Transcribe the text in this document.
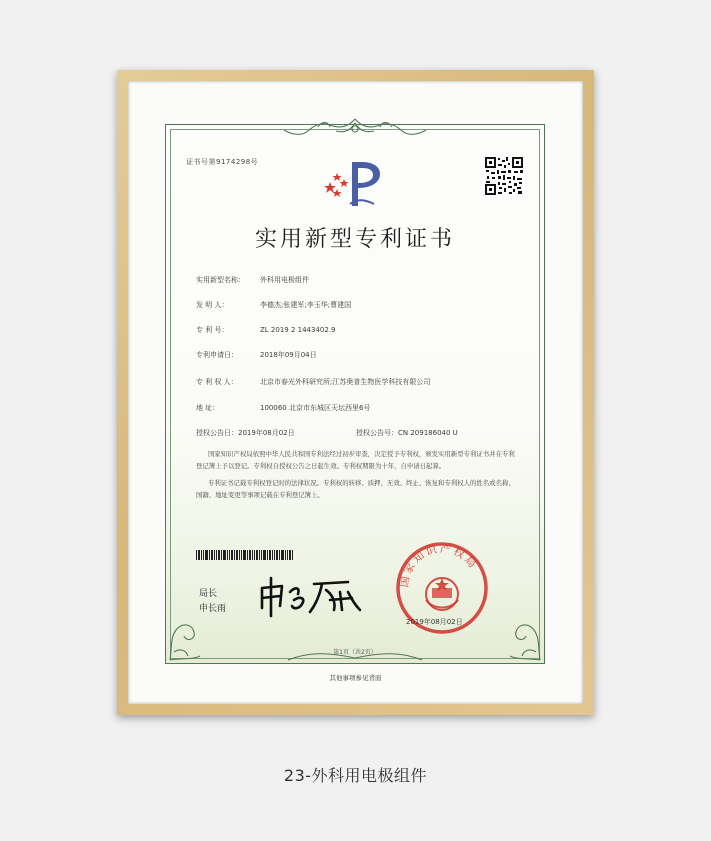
证书号第9174298号
实用新型专利证书
实用新型名称： 外科用电极组件
发 明 人：	李德杰;张建军;李玉华;曹建国
专 利 号：	ZL 2019 2 1443402.9
专利申请日：	2018年09月04日
专 利 权 人：	北京市春光外科研究所;江苏奥普生物医学科技有限公司
地 址：	100060 北京市东城区天坛西里6号
授权公告日：2019年08月02日	授权公告号：CN 209186040 U

国家知识产权局依照中华人民共和国专利法经过初步审查，决定授予专利权，颁发实用新型专利证书并在专利登记簿上予以登记。专利权自授权公告之日起生效。专利权期限为十年，自申请日起算。

专利证书记载专利权登记时的法律状况。专利权的转移、质押、无效、终止、恢复和专利权人的姓名或名称、国籍、地址变更等事项记载在专利登记簿上。

局长
申长雨
国家知识产权局
2019年08月02日
第1页（共2页）
其他事项参见背面
23-外科用电极组件
